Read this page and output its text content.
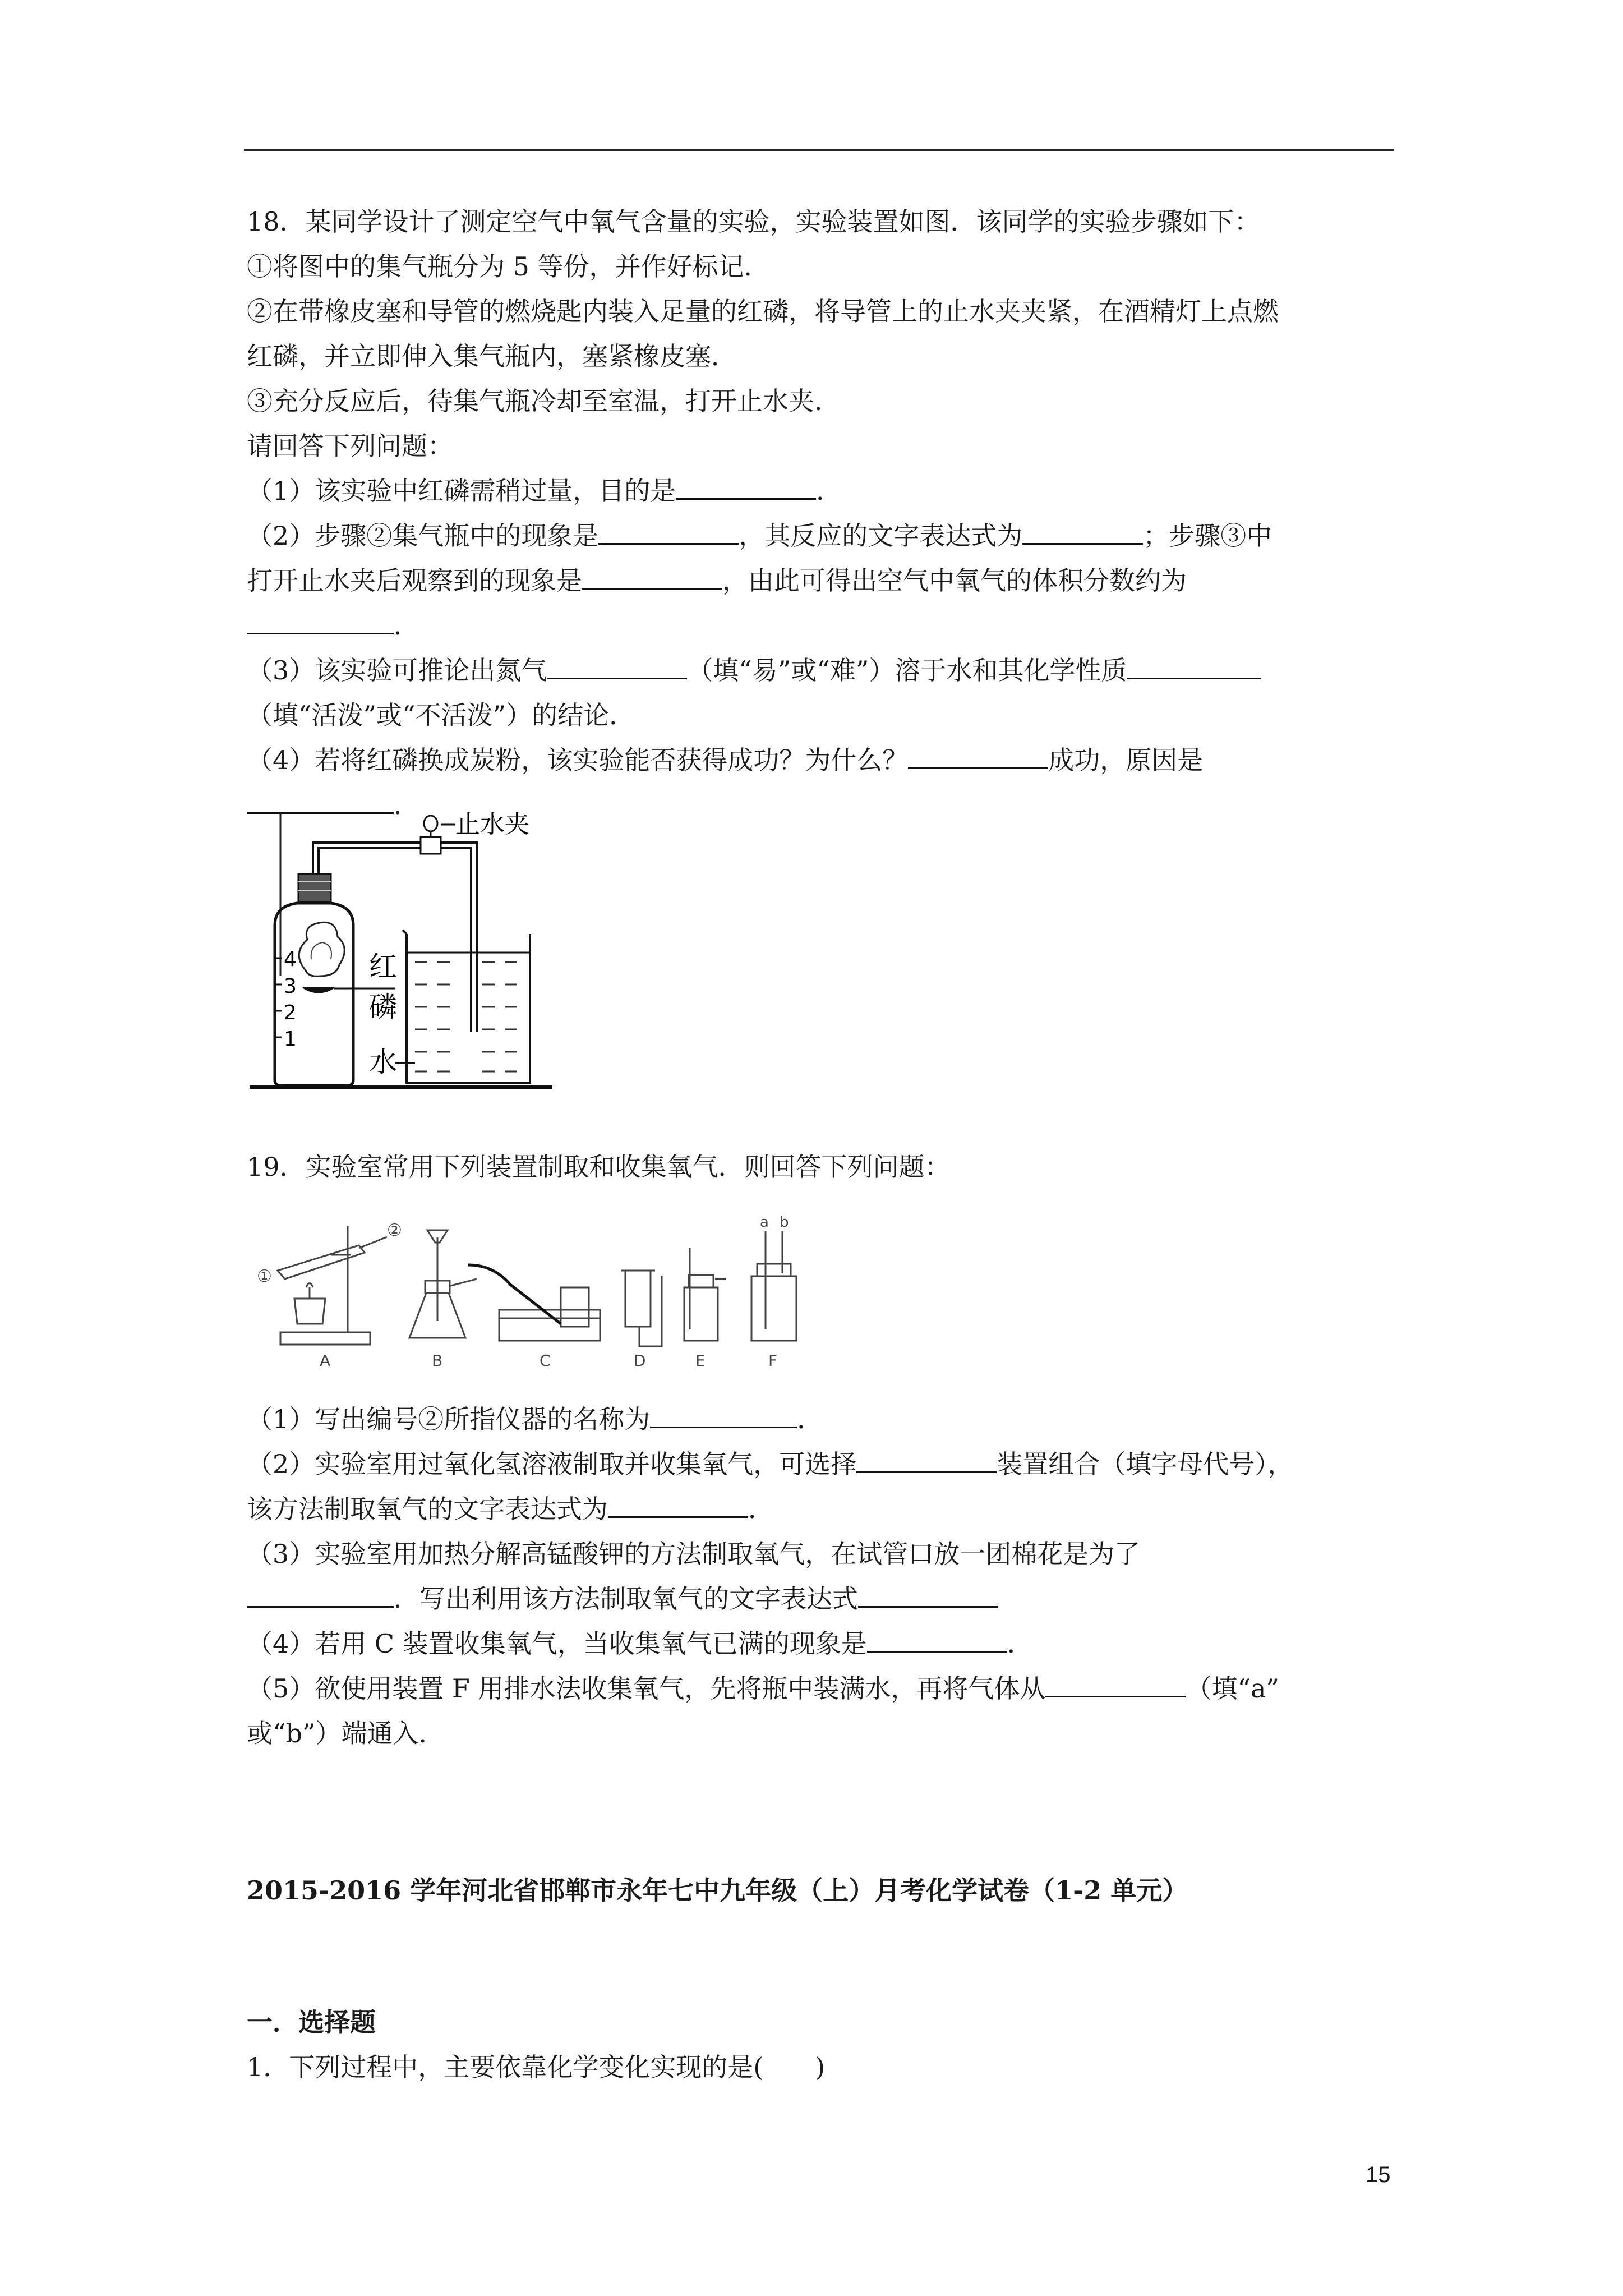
18．某同学设计了测定空气中氧气含量的实验，实验装置如图．该同学的实验步骤如下：
①将图中的集气瓶分为 5 等份，并作好标记．
②在带橡皮塞和导管的燃烧匙内装入足量的红磷，将导管上的止水夹夹紧，在酒精灯上点燃
红磷，并立即伸入集气瓶内，塞紧橡皮塞．
③充分反应后，待集气瓶冷却至室温，打开止水夹．
请回答下列问题：
（1）该实验中红磷需稍过量，目的是	．
（2）步骤②集气瓶中的现象是	，其反应的文字表达式为	；步骤③中
打开止水夹后观察到的现象是	，由此可得出空气中氧气的体积分数约为
．
（3）该实验可推论出氮气	（填“易”或“难”）溶于水和其化学性质
（填“活泼”或“不活泼”）的结论．
（4）若将红磷换成炭粉，该实验能否获得成功？为什么？	成功，原因是
．
止水夹
4
3
2
1
红
磷
水
19．实验室常用下列装置制取和收集氧气．则回答下列问题：
①
②	a b
A	B	C	D	E	F
（1）写出编号②所指仪器的名称为	．
（2）实验室用过氧化氢溶液制取并收集氧气，可选择	装置组合（填字母代号），
该方法制取氧气的文字表达式为	．
（3）实验室用加热分解高锰酸钾的方法制取氧气，在试管口放一团棉花是为了
．写出利用该方法制取氧气的文字表达式
（4）若用 C 装置收集氧气，当收集氧气已满的现象是	．
（5）欲使用装置 F 用排水法收集氧气，先将瓶中装满水，再将气体从	（填“a”
或“b”）端通入．
2015-2016 学年河北省邯郸市永年七中九年级（上）月考化学试卷（1-2 单元）
一．选择题
1．下列过程中，主要依靠化学变化实现的是(　　)
15
